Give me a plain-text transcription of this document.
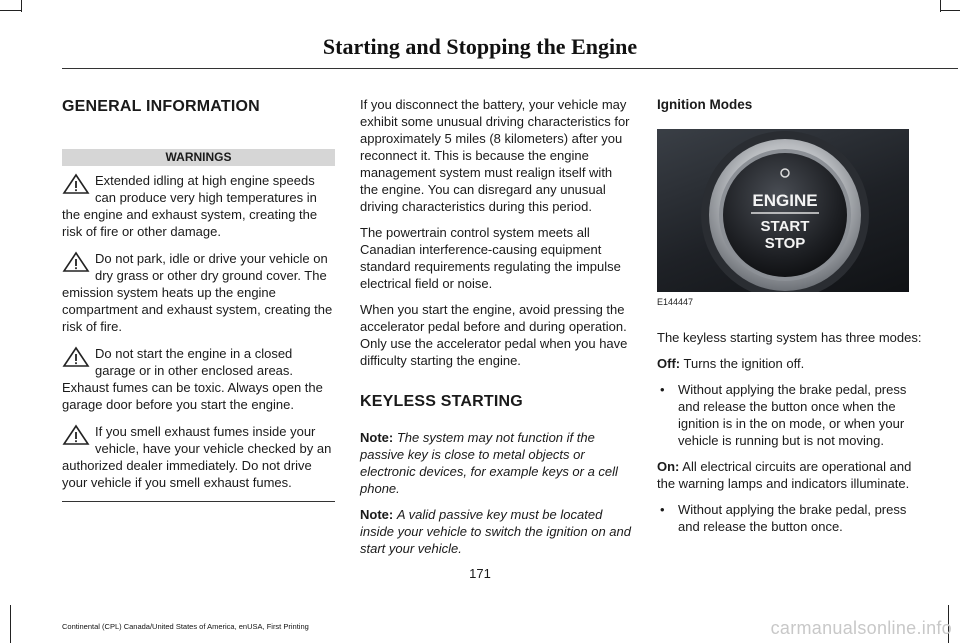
Starting and Stopping the Engine
GENERAL INFORMATION
WARNINGS
Extended idling at high engine speeds can produce very high temperatures in the engine and exhaust system, creating the risk of fire or other damage.
Do not park, idle or drive your vehicle on dry grass or other dry ground cover. The emission system heats up the engine compartment and exhaust system, creating the risk of fire.
Do not start the engine in a closed garage or in other enclosed areas. Exhaust fumes can be toxic. Always open the garage door before you start the engine.
If you smell exhaust fumes inside your vehicle, have your vehicle checked by an authorized dealer immediately. Do not drive your vehicle if you smell exhaust fumes.

If you disconnect the battery, your vehicle may exhibit some unusual driving characteristics for approximately 5 miles (8 kilometers) after you reconnect it. This is because the engine management system must realign itself with the engine. You can disregard any unusual driving characteristics during this period.

The powertrain control system meets all Canadian interference-causing equipment standard requirements regulating the impulse electrical field or noise.

When you start the engine, avoid pressing the accelerator pedal before and during operation. Only use the accelerator pedal when you have difficulty starting the engine.

KEYLESS STARTING

Note: The system may not function if the passive key is close to metal objects or electronic devices, for example keys or a cell phone.

Note: A valid passive key must be located inside your vehicle to switch the ignition on and start your vehicle.

Ignition Modes
ENGINE
START
STOP
E144447

The keyless starting system has three modes:

Off: Turns the ignition off.

• Without applying the brake pedal, press and release the button once when the ignition is in the on mode, or when your vehicle is running but is not moving.

On: All electrical circuits are operational and the warning lamps and indicators illuminate.

• Without applying the brake pedal, press and release the button once.
171
Continental (CPL) Canada/United States of America, enUSA, First Printing	carmanualsonline.info
